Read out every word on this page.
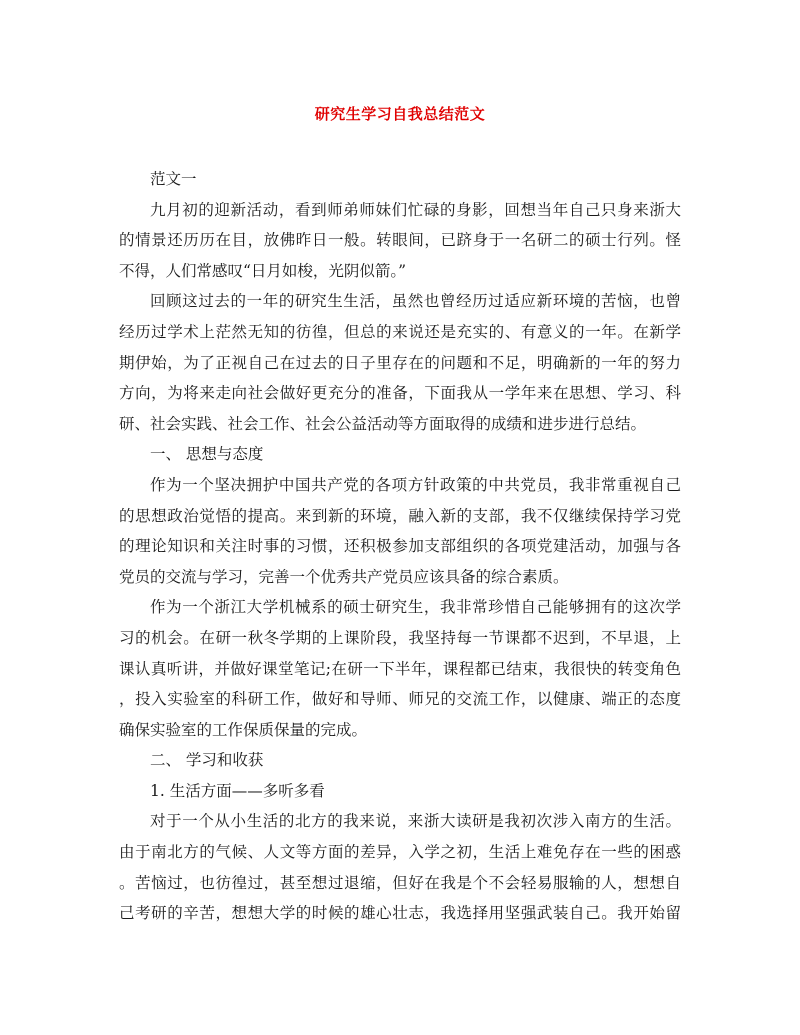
研究生学习自我总结范文
范文一
九月初的迎新活动，看到师弟师妹们忙碌的身影，回想当年自己只身来浙大
的情景还历历在目，放佛昨日一般。转眼间，已跻身于一名研二的硕士行列。怪
不得，人们常感叹“日月如梭，光阴似箭。”
回顾这过去的一年的研究生生活，虽然也曾经历过适应新环境的苦恼，也曾
经历过学术上茫然无知的彷徨，但总的来说还是充实的、有意义的一年。在新学
期伊始，为了正视自己在过去的日子里存在的问题和不足，明确新的一年的努力
方向，为将来走向社会做好更充分的准备，下面我从一学年来在思想、学习、科
研、社会实践、社会工作、社会公益活动等方面取得的成绩和进步进行总结。
一、 思想与态度
作为一个坚决拥护中国共产党的各项方针政策的中共党员，我非常重视自己
的思想政治觉悟的提高。来到新的环境，融入新的支部，我不仅继续保持学习党
的理论知识和关注时事的习惯，还积极参加支部组织的各项党建活动，加强与各
党员的交流与学习，完善一个优秀共产党员应该具备的综合素质。
作为一个浙江大学机械系的硕士研究生，我非常珍惜自己能够拥有的这次学
习的机会。在研一秋冬学期的上课阶段，我坚持每一节课都不迟到，不早退，上
课认真听讲，并做好课堂笔记;在研一下半年，课程都已结束，我很快的转变角色
，投入实验室的科研工作，做好和导师、师兄的交流工作，以健康、端正的态度
确保实验室的工作保质保量的完成。
二、 学习和收获
1. 生活方面——多听多看
对于一个从小生活的北方的我来说，来浙大读研是我初次涉入南方的生活。
由于南北方的气候、人文等方面的差异，入学之初，生活上难免存在一些的困惑
。苦恼过，也彷徨过，甚至想过退缩，但好在我是个不会轻易服输的人，想想自
己考研的辛苦，想想大学的时候的雄心壮志，我选择用坚强武装自己。我开始留
